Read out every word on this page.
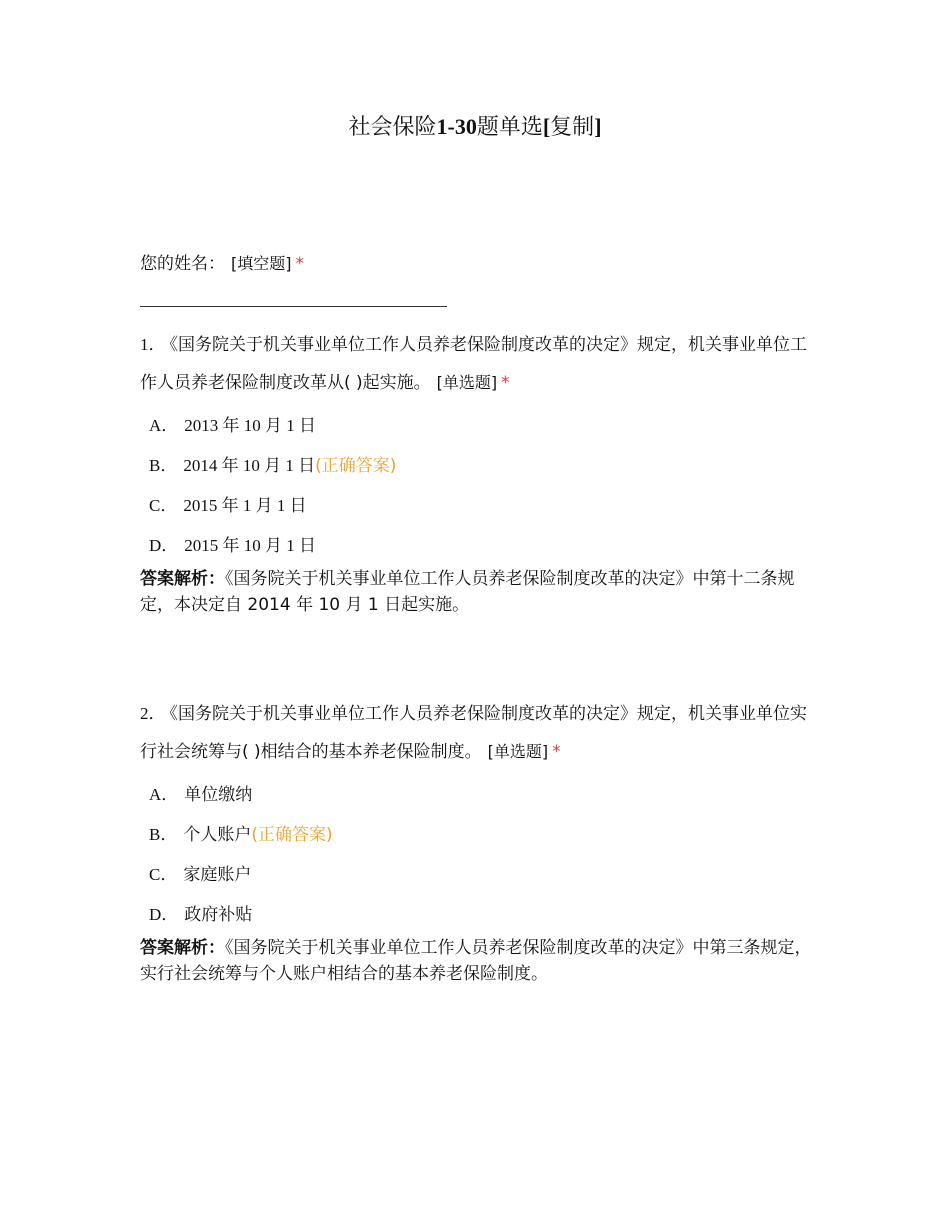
社会保险1-30题单选[复制]
您的姓名： [填空题] *

1． 《国务院关于机关事业单位工作人员养老保险制度改革的决定》规定，机关事业单位工作人员养老保险制度改革从( )起实施。 [单选题] *

A． 2013 年 10 月 1 日
B． 2014 年 10 月 1 日(正确答案)
C． 2015 年 1 月 1 日
D． 2015 年 10 月 1 日

答案解析：《国务院关于机关事业单位工作人员养老保险制度改革的决定》中第十二条规定，本决定自 2014 年 10 月 1 日起实施。

2． 《国务院关于机关事业单位工作人员养老保险制度改革的决定》规定，机关事业单位实行社会统筹与( )相结合的基本养老保险制度。 [单选题] *

A． 单位缴纳
B． 个人账户(正确答案)
C． 家庭账户
D． 政府补贴

答案解析：《国务院关于机关事业单位工作人员养老保险制度改革的决定》中第三条规定，实行社会统筹与个人账户相结合的基本养老保险制度。
